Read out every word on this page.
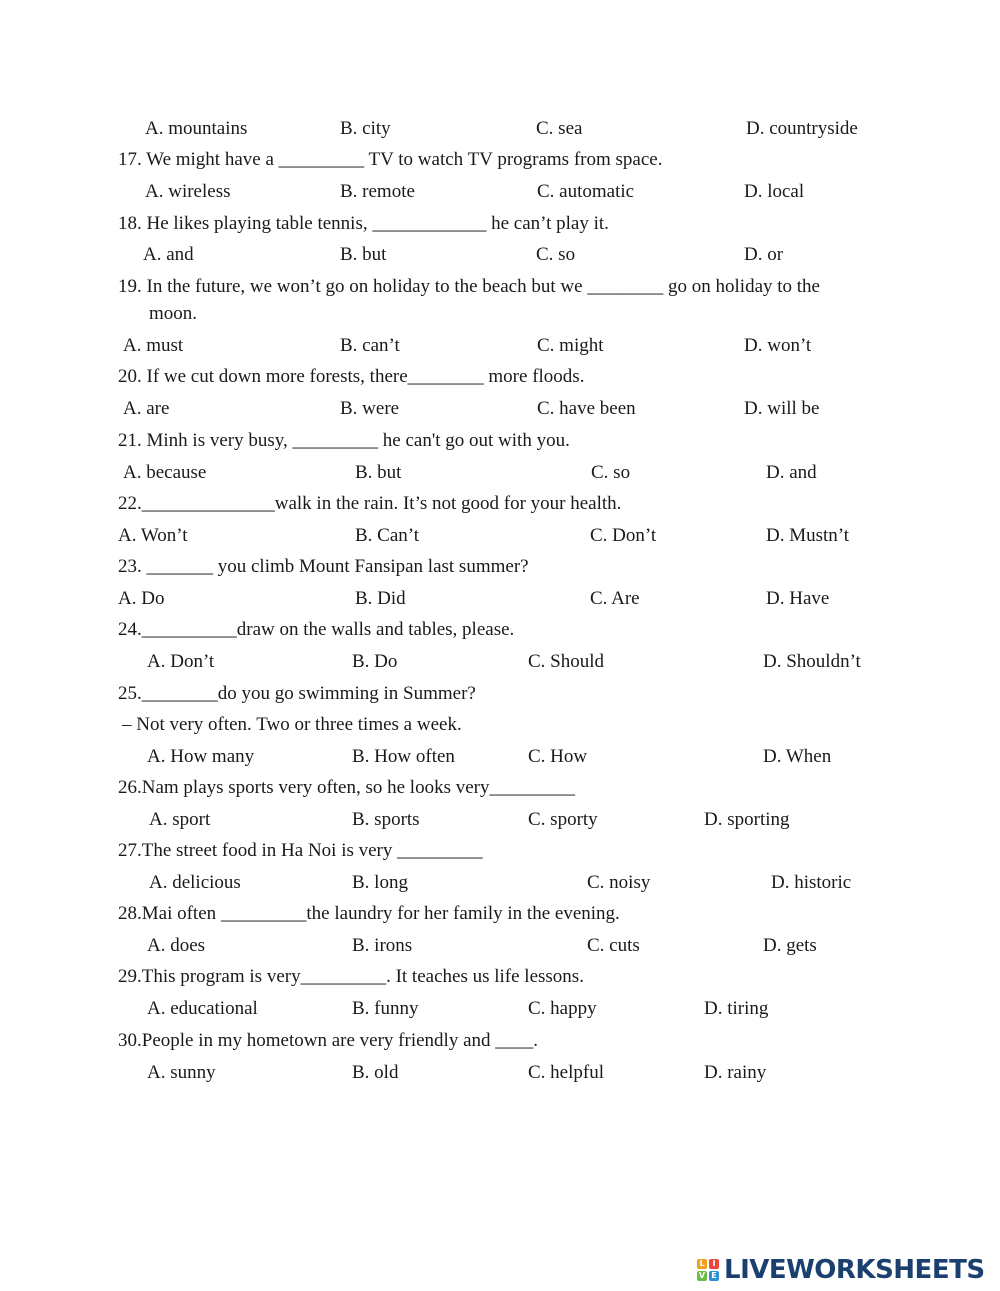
A. mountains	B. city	C. sea	D. countryside
17. We might have a _________ TV to watch TV programs from space.
A. wireless	B. remote	C. automatic	D. local
18. He likes playing table tennis, ____________ he can’t play it.
A. and	B. but	C. so	D. or
19. In the future, we won’t go on holiday to the beach but we ________ go on holiday to the
moon.
A. must	B. can’t	C. might	D. won’t
20. If we cut down more forests, there________ more floods.
A. are	B. were	C. have been	D. will be
21. Minh is very busy, _________ he can't go out with you.
A. because	B. but	C. so	D. and
22.______________walk in the rain. It’s not good for your health.
A. Won’t	B. Can’t	C. Don’t	D. Mustn’t
23. _______ you climb Mount Fansipan last summer?
A. Do	B. Did	C. Are	D. Have
24.__________draw on the walls and tables, please.
A. Don’t	B. Do	C. Should	D. Shouldn’t
25.________do you go swimming in Summer?
– Not very often. Two or three times a week.
A. How many	B. How often	C. How	D. When
26.Nam plays sports very often, so he looks very_________
A. sport	B. sports	C. sporty	D. sporting
27.The street food in Ha Noi is very _________
A. delicious	B. long	C. noisy	D. historic
28.Mai often _________the laundry for her family in the evening.
A. does	B. irons	C. cuts	D. gets
29.This program is very_________. It teaches us life lessons.
A. educational	B. funny	C. happy	D. tiring
30.People in my hometown are very friendly and ____.
A. sunny	B. old	C. helpful	D. rainy
L I
V E LIVEWORKSHEETS
